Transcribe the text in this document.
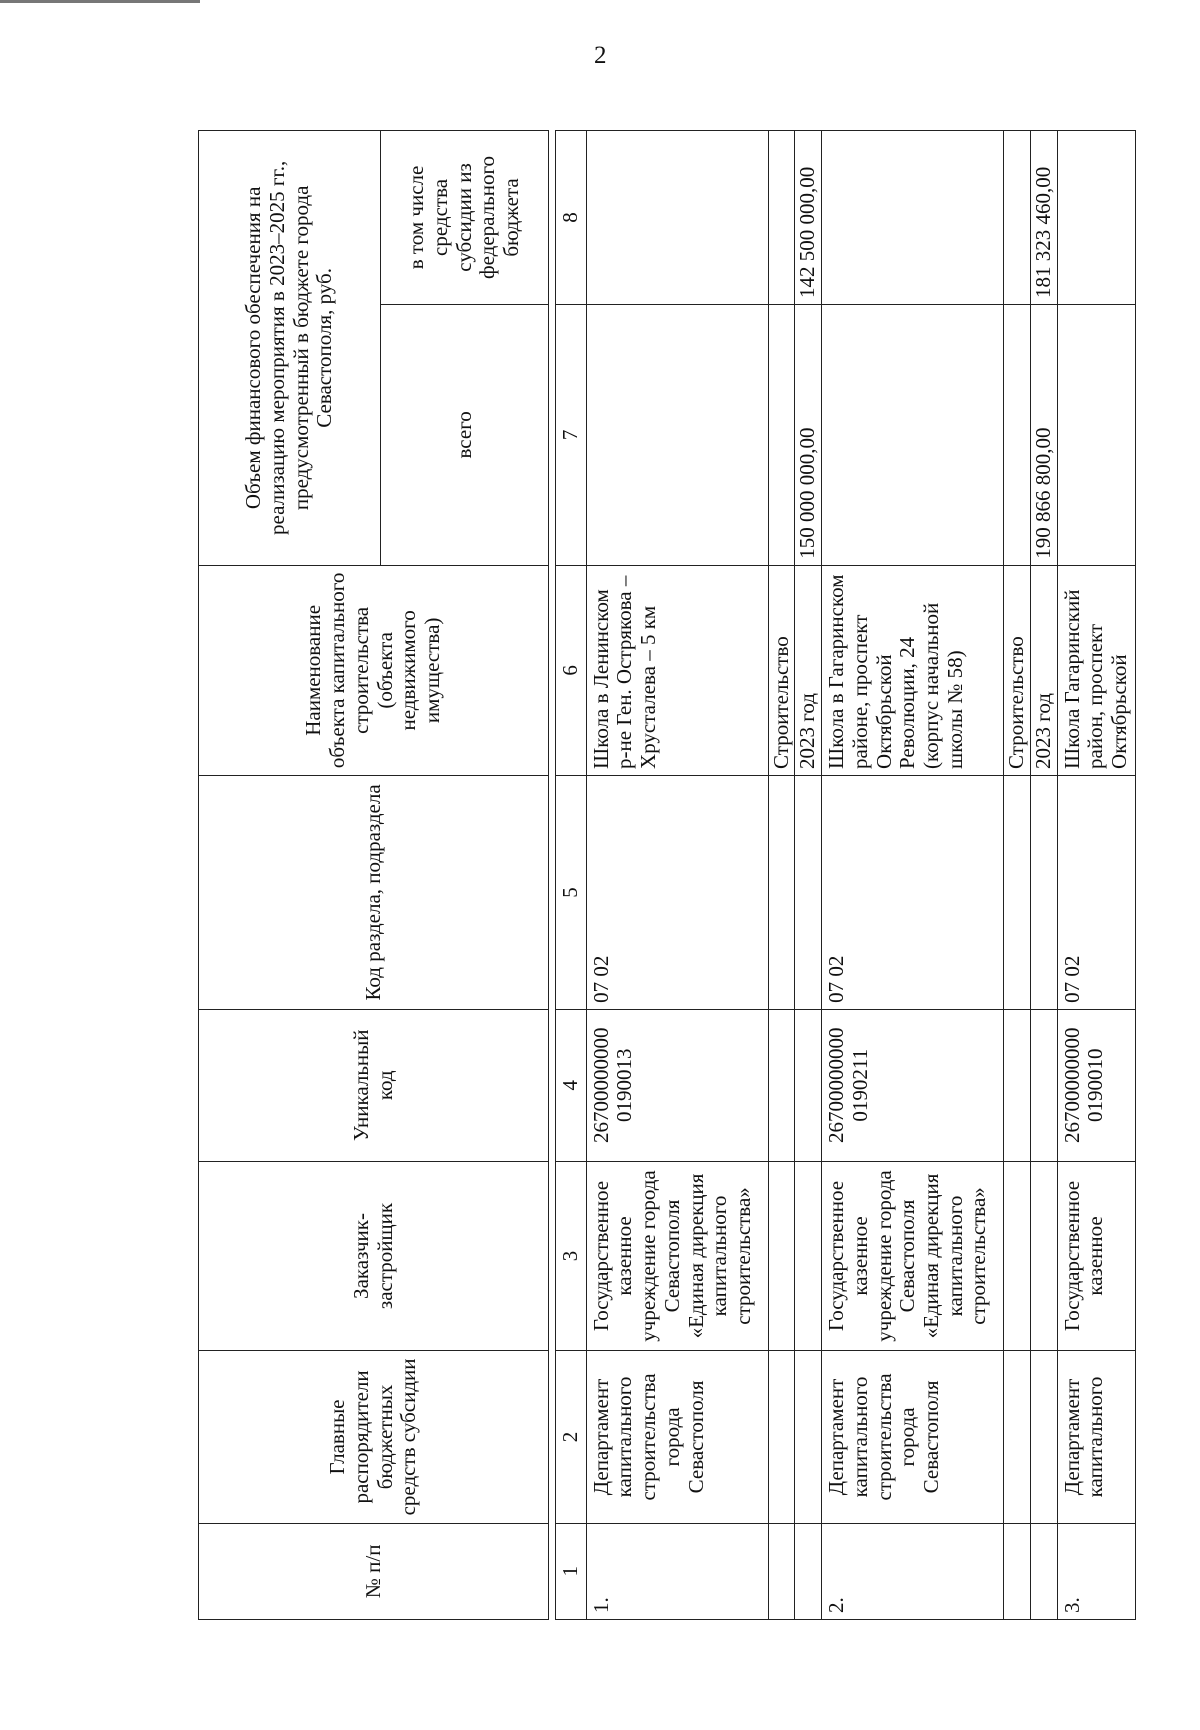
2
№ п/п	Главные распорядители бюджетных средств субсидии	Заказчик-застройщик	Уникальный код	Код раздела, подраздела	Наименование объекта капитального строительства (объекта недвижимого имущества)	Объем финансового обеспечения на реализацию мероприятия в 2023–2025 гг., предусмотренный в бюджете города Севастополя, руб.	
						всего	в том числе средства субсидии из федерального бюджета

1	2	3	4	5	6	7	8
1.	Департамент капитального строительства города Севастополя	Государственное казенное учреждение города Севастополя «Единая дирекция капитального строительства»	26700000000 0190013	07 02	Школа в Ленинском р-не Ген. Острякова – Хрусталева – 5 км		
					Строительство		
					2023 год	150 000 000,00	142 500 000,00
2.	Департамент капитального строительства города Севастополя	Государственное казенное учреждение города Севастополя «Единая дирекция капитального строительства»	26700000000 0190211	07 02	Школа в Гагаринском районе, проспект Октябрьской Революции, 24 (корпус начальной школы № 58)		
					Строительство		
					2023 год	190 866 800,00	181 323 460,00
3.	Департамент капитального	Государственное казенное	26700000000 0190010	07 02	Школа Гагаринский район, проспект Октябрьской		
